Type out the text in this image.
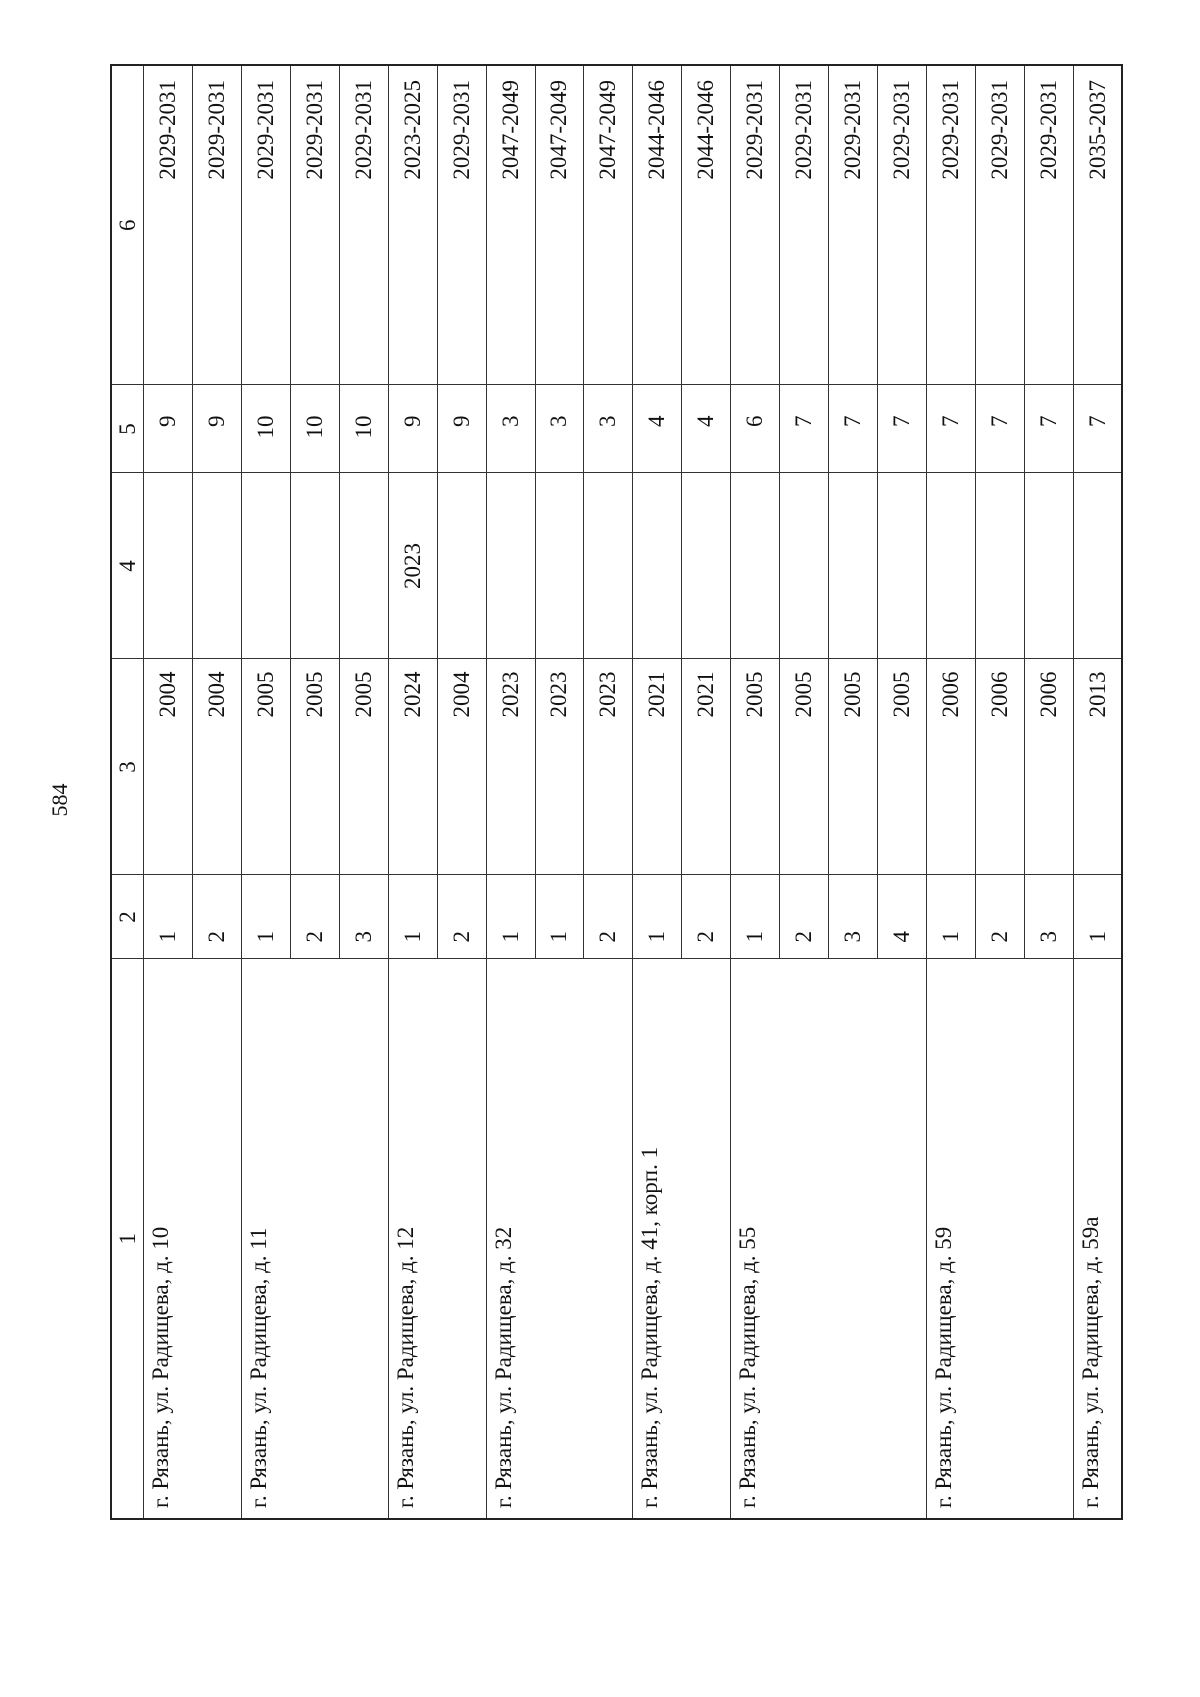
584
1	2	3	4	5	6
г. Рязань, ул. Радищева, д. 10	1	2004		9	2029-2031
	2	2004		9	2029-2031
г. Рязань, ул. Радищева, д. 11	1	2005		10	2029-2031
	2	2005		10	2029-2031
	3	2005		10	2029-2031
г. Рязань, ул. Радищева, д. 12	1	2024	2023	9	2023-2025
	2	2004		9	2029-2031
г. Рязань, ул. Радищева, д. 32	1	2023		3	2047-2049
	1	2023		3	2047-2049
	2	2023		3	2047-2049
г. Рязань, ул. Радищева, д. 41, корп. 1	1	2021		4	2044-2046
	2	2021		4	2044-2046
г. Рязань, ул. Радищева, д. 55	1	2005		6	2029-2031
	2	2005		7	2029-2031
	3	2005		7	2029-2031
	4	2005		7	2029-2031
г. Рязань, ул. Радищева, д. 59	1	2006		7	2029-2031
	2	2006		7	2029-2031
	3	2006		7	2029-2031
г. Рязань, ул. Радищева, д. 59а	1	2013		7	2035-2037
